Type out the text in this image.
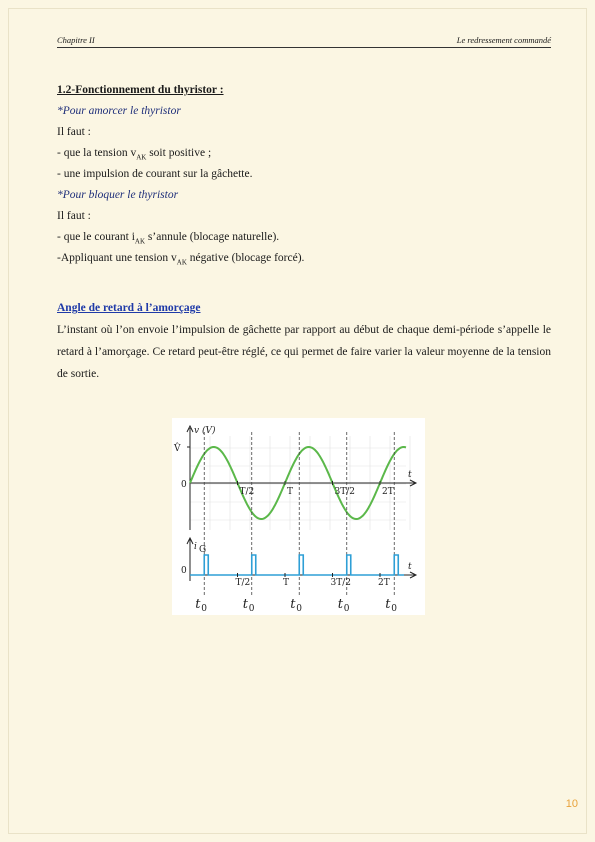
Chapitre II	Le redressement commandé
1.2-Fonctionnement du thyristor :
*Pour amorcer le thyristor
Il faut :
- que la tension $v_{AK}$ soit positive ;
- une impulsion de courant sur la gâchette.
*Pour bloquer le thyristor
Il faut :
- que le courant $i_{AK}$ s’annule (blocage naturelle).
-Appliquant une tension $v_{AK}$ négative (blocage forcé).
Angle de retard à l’amorçage

L’instant où l’on envoie l’impulsion de gâchette par rapport au début de chaque demi-période s’appelle le retard à l’amorçage. Ce retard peut-être réglé, ce qui permet de faire varier la valeur moyenne de la tension de sortie.

v (V)
V̂
t
0
T/2	T	3T/2	2T
i G
t
0
T/2	T	3T/2	2T
t 0	t 0	t 0	t 0	t 0
10
